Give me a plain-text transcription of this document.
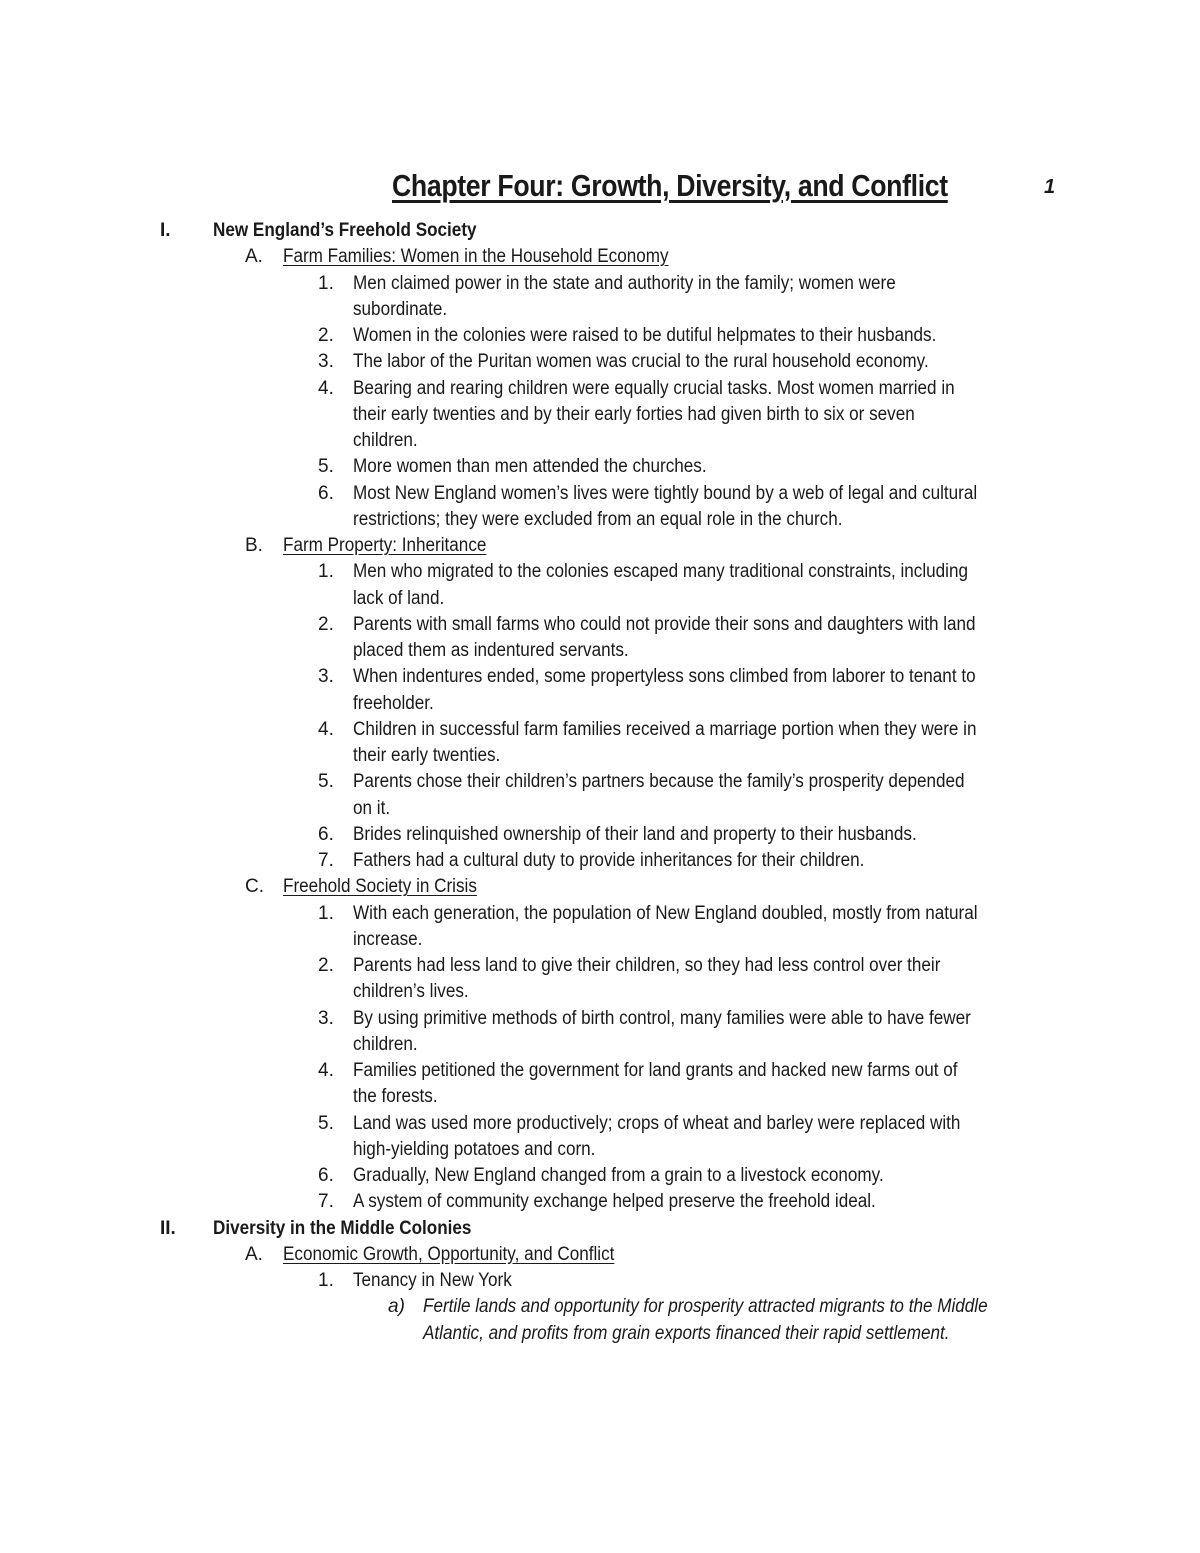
Chapter Four: Growth, Diversity, and Conflict	1
I. New England’s Freehold Society
A. Farm Families: Women in the Household Economy
1. Men claimed power in the state and authority in the family; women were
subordinate.
2. Women in the colonies were raised to be dutiful helpmates to their husbands.
3. The labor of the Puritan women was crucial to the rural household economy.
4. Bearing and rearing children were equally crucial tasks. Most women married in
their early twenties and by their early forties had given birth to six or seven
children.
5. More women than men attended the churches.
6. Most New England women’s lives were tightly bound by a web of legal and cultural
restrictions; they were excluded from an equal role in the church.
B. Farm Property: Inheritance
1. Men who migrated to the colonies escaped many traditional constraints, including
lack of land.
2. Parents with small farms who could not provide their sons and daughters with land
placed them as indentured servants.
3. When indentures ended, some propertyless sons climbed from laborer to tenant to
freeholder.
4. Children in successful farm families received a marriage portion when they were in
their early twenties.
5. Parents chose their children’s partners because the family’s prosperity depended
on it.
6. Brides relinquished ownership of their land and property to their husbands.
7. Fathers had a cultural duty to provide inheritances for their children.
C. Freehold Society in Crisis
1. With each generation, the population of New England doubled, mostly from natural
increase.
2. Parents had less land to give their children, so they had less control over their
children’s lives.
3. By using primitive methods of birth control, many families were able to have fewer
children.
4. Families petitioned the government for land grants and hacked new farms out of
the forests.
5. Land was used more productively; crops of wheat and barley were replaced with
high-yielding potatoes and corn.
6. Gradually, New England changed from a grain to a livestock economy.
7. A system of community exchange helped preserve the freehold ideal.
II. Diversity in the Middle Colonies
A. Economic Growth, Opportunity, and Conflict
1. Tenancy in New York
a) Fertile lands and opportunity for prosperity attracted migrants to the Middle
Atlantic, and profits from grain exports financed their rapid settlement.
